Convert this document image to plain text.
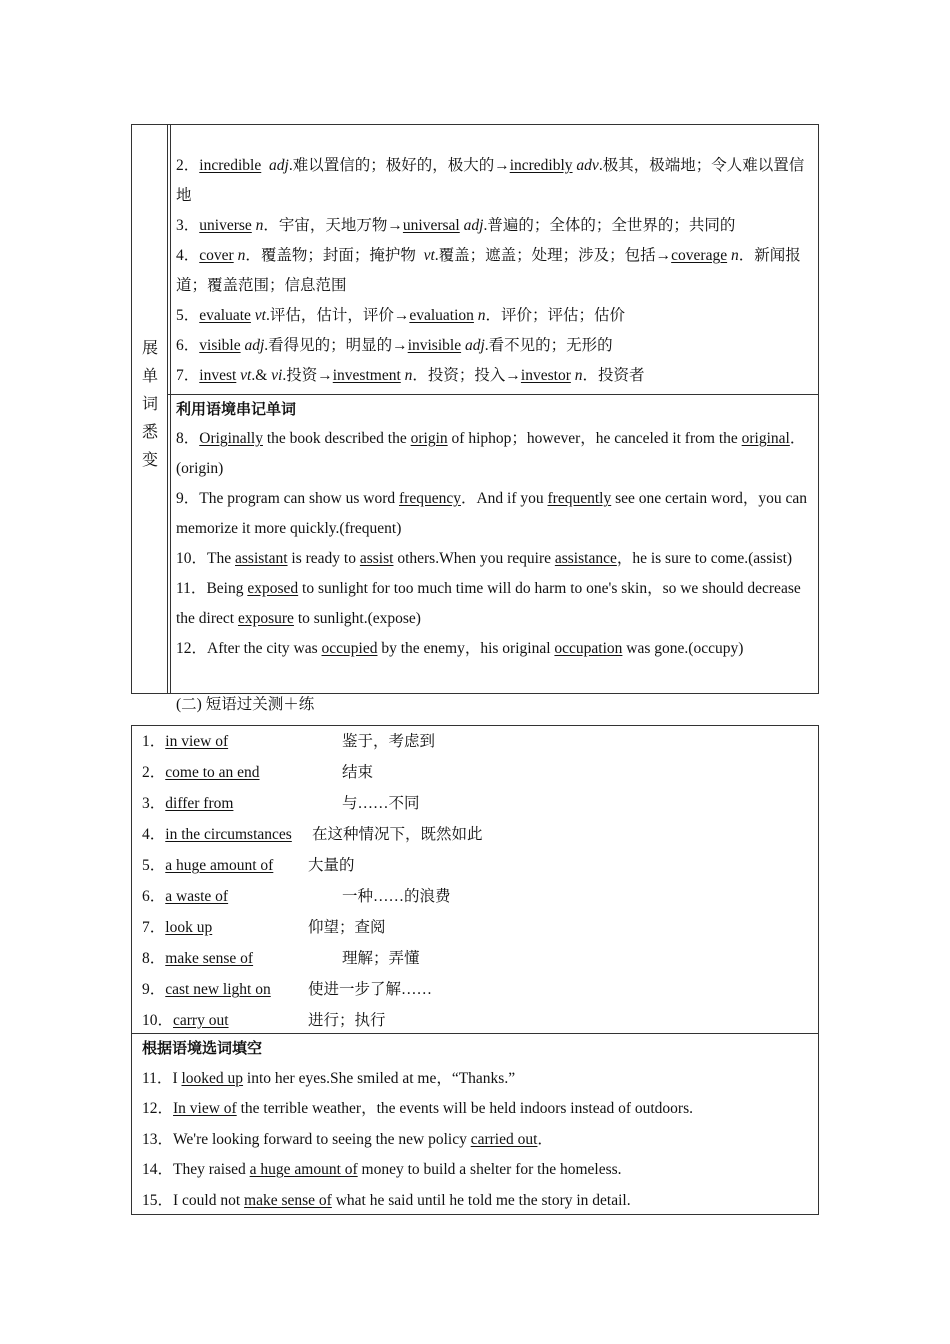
展
单
词
悉
变
2．incredible adj.难以置信的；极好的，极大的→incredibly adv.极其，极端地；令人难以置信地
3．universe n．宇宙，天地万物→universal adj.普遍的；全体的；全世界的；共同的
4．cover n．覆盖物；封面；掩护物  vt.覆盖；遮盖；处理；涉及；包括→coverage n．新闻报道；覆盖范围；信息范围
5．evaluate vt.评估，估计，评价→evaluation n．评价；评估；估价
6．visible adj.看得见的；明显的→invisible adj.看不见的；无形的
7．invest vt.& vi.投资→investment n．投资；投入→investor n．投资者
利用语境串记单词
8．Originally the book described the origin of hiphop；however，he canceled it from the original．(origin)
9．The program can show us word frequency．And if you frequently see one certain word，you can memorize it more quickly.(frequent)
10．The assistant is ready to assist others.When you require assistance，he is sure to come.(assist)
11．Being exposed to sunlight for too much time will do harm to one's skin，so we should decrease the direct exposure to sunlight.(expose)
12．After the city was occupied by the enemy，his original occupation was gone.(occupy)
(二) 短语过关测＋练
1．in view of	鉴于，考虑到
2．come to an end	结束
3．differ from	与……不同
4．in the circumstances 在这种情况下，既然如此
5．a huge amount of 大量的
6．a waste of	一种……的浪费
7．look up	仰望；查阅
8．make sense of	理解；弄懂
9．cast new light on 使进一步了解……
10．carry out	进行；执行
根据语境选词填空
11．I looked up into her eyes.She smiled at me，“Thanks.”
12．In view of the terrible weather，the events will be held indoors instead of outdoors.
13．We're looking forward to seeing the new policy carried out．
14．They raised a huge amount of money to build a shelter for the homeless.
15．I could not make sense of what he said until he told me the story in detail.
